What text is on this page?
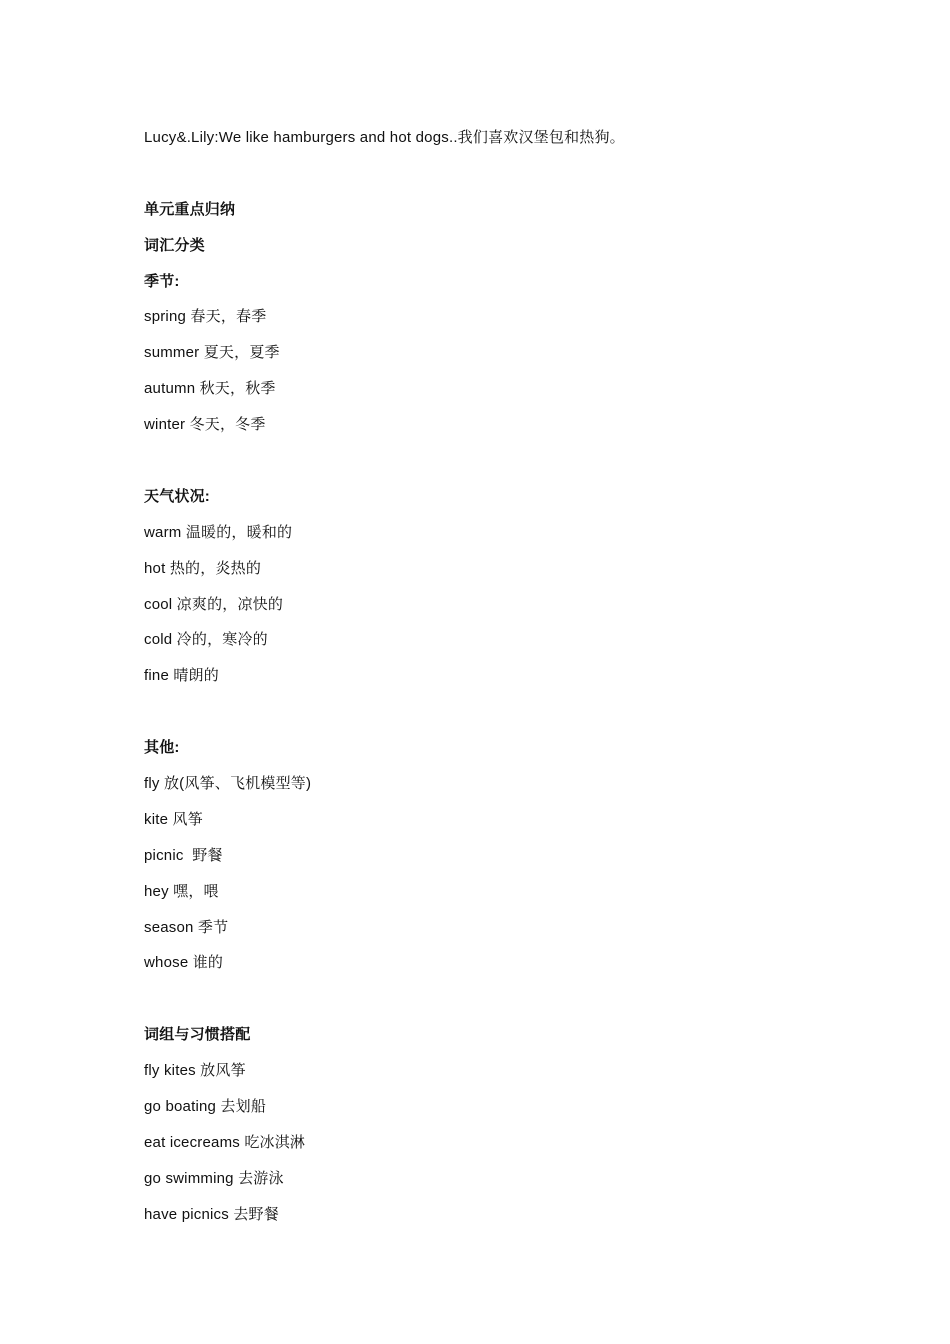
Lucy&.Lily:We like hamburgers and hot dogs..我们喜欢汉堡包和热狗。
单元重点归纳
词汇分类
季节:
spring 春天，春季
summer 夏天，夏季
autumn 秋天，秋季
winter 冬天，冬季
天气状况:
warm 温暖的，暖和的
hot 热的，炎热的
cool 凉爽的，凉快的
cold 冷的，寒冷的
fine 晴朗的
其他:
fly 放(风筝、飞机模型等)
kite 风筝
picnic  野餐
hey 嘿，喂
season 季节
whose 谁的
词组与习惯搭配
fly kites 放风筝
go boating 去划船
eat icecreams 吃冰淇淋
go swimming 去游泳
have picnics 去野餐
